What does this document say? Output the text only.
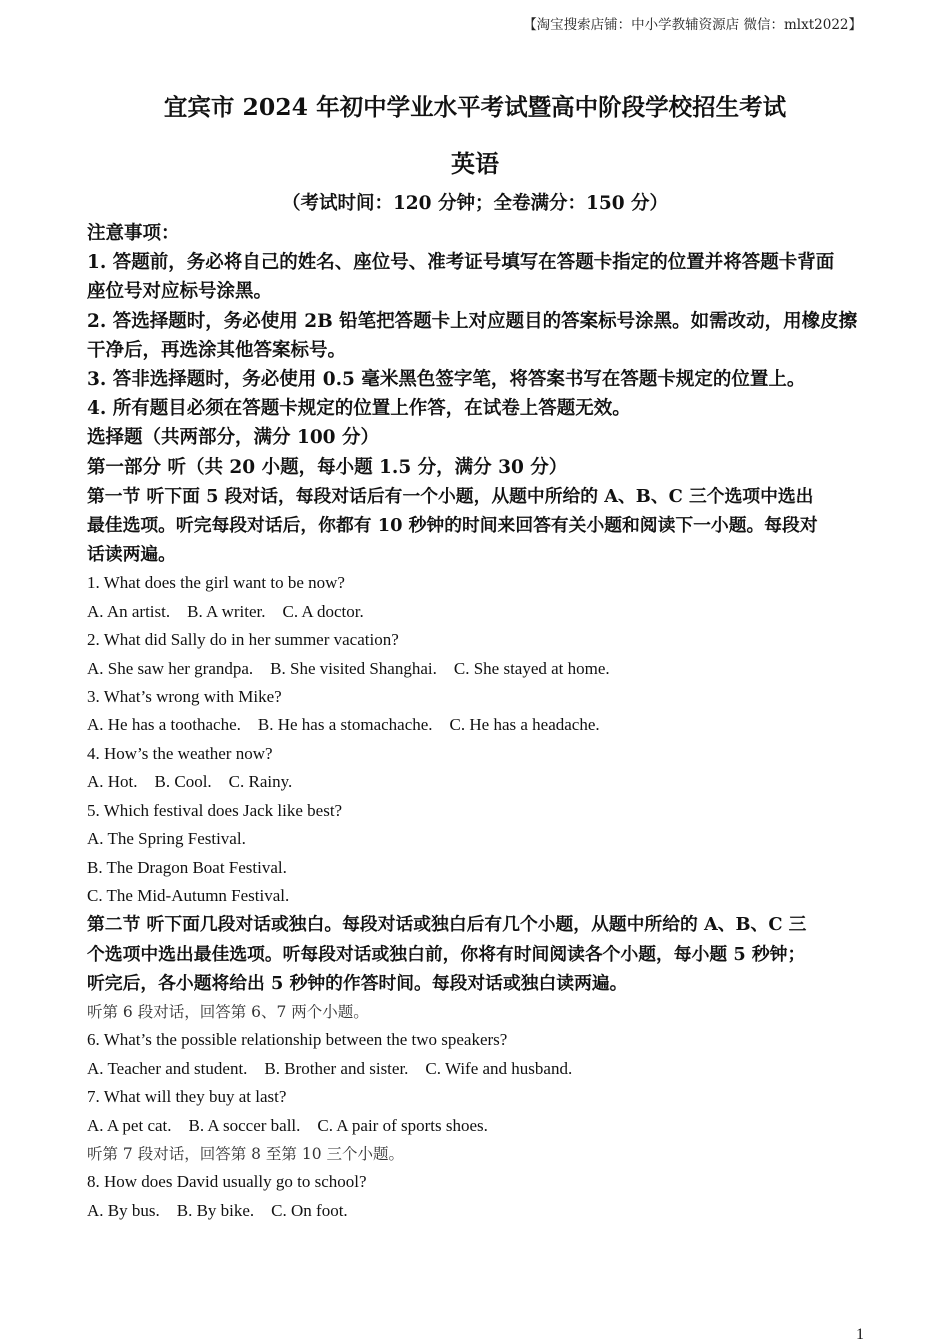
【淘宝搜索店铺：中小学教辅资源店 微信：mlxt2022】
宜宾市 2024 年初中学业水平考试暨高中阶段学校招生考试
英语
（考试时间：120 分钟；全卷满分：150 分）
注意事项：
1. 答题前，务必将自己的姓名、座位号、准考证号填写在答题卡指定的位置并将答题卡背面
座位号对应标号涂黑。
2. 答选择题时，务必使用 2B 铅笔把答题卡上对应题目的答案标号涂黑。如需改动，用橡皮擦
干净后，再选涂其他答案标号。
3. 答非选择题时，务必使用 0.5 毫米黑色签字笔，将答案书写在答题卡规定的位置上。
4. 所有题目必须在答题卡规定的位置上作答，在试卷上答题无效。
选择题（共两部分，满分 100 分）
第一部分 听（共 20 小题，每小题 1.5 分，满分 30 分）
第一节 听下面 5 段对话，每段对话后有一个小题，从题中所给的 A、B、C 三个选项中选出
最佳选项。听完每段对话后，你都有 10 秒钟的时间来回答有关小题和阅读下一小题。每段对
话读两遍。
1. What does the girl want to be now?
A. An artist.    B. A writer.    C. A doctor.
2. What did Sally do in her summer vacation?
A. She saw her grandpa.    B. She visited Shanghai.    C. She stayed at home.
3. What’s wrong with Mike?
A. He has a toothache.    B. He has a stomachache.    C. He has a headache.
4. How’s the weather now?
A. Hot.    B. Cool.    C. Rainy.
5. Which festival does Jack like best?
A. The Spring Festival.
B. The Dragon Boat Festival.
C. The Mid-Autumn Festival.
第二节 听下面几段对话或独白。每段对话或独白后有几个小题，从题中所给的 A、B、C 三
个选项中选出最佳选项。听每段对话或独白前，你将有时间阅读各个小题，每小题 5 秒钟；
听完后，各小题将给出 5 秒钟的作答时间。每段对话或独白读两遍。
听第 6 段对话，回答第 6、7 两个小题。
6. What’s the possible relationship between the two speakers?
A. Teacher and student.    B. Brother and sister.    C. Wife and husband.
7. What will they buy at last?
A. A pet cat.    B. A soccer ball.    C. A pair of sports shoes.
听第 7 段对话，回答第 8 至第 10 三个小题。
8. How does David usually go to school?
A. By bus.    B. By bike.    C. On foot.
1
